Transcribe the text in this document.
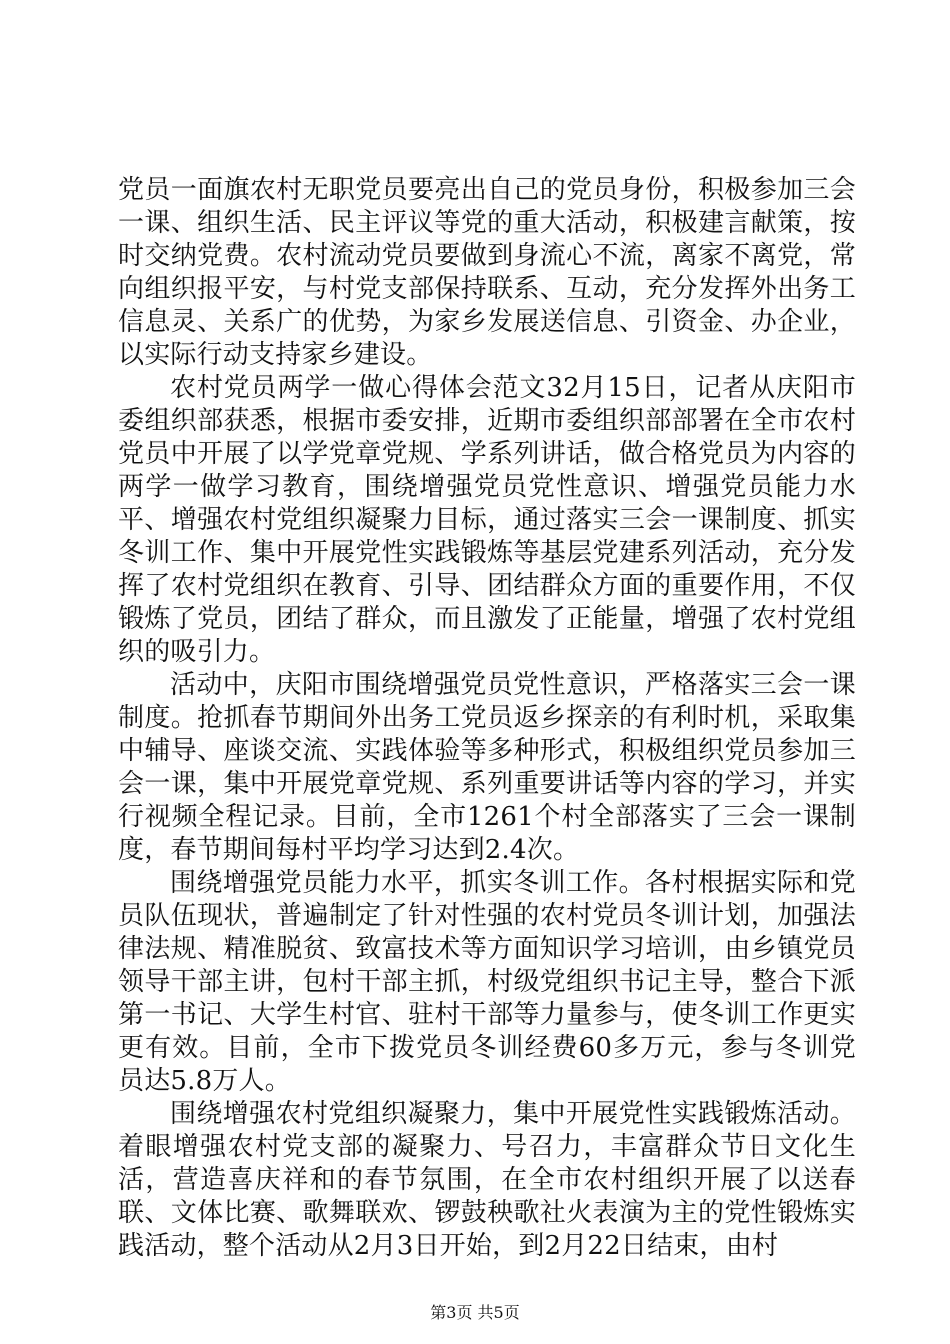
党员一面旗农村无职党员要亮出自己的党员身份，积极参加三会一课、组织生活、民主评议等党的重大活动，积极建言献策，按时交纳党费。农村流动党员要做到身流心不流，离家不离党，常向组织报平安，与村党支部保持联系、互动，充分发挥外出务工信息灵、关系广的优势，为家乡发展送信息、引资金、办企业，以实际行动支持家乡建设。

农村党员两学一做心得体会范文32月15日，记者从庆阳市委组织部获悉，根据市委安排，近期市委组织部部署在全市农村党员中开展了以学党章党规、学系列讲话，做合格党员为内容的两学一做学习教育，围绕增强党员党性意识、增强党员能力水平、增强农村党组织凝聚力目标，通过落实三会一课制度、抓实冬训工作、集中开展党性实践锻炼等基层党建系列活动，充分发挥了农村党组织在教育、引导、团结群众方面的重要作用，不仅锻炼了党员，团结了群众，而且激发了正能量，增强了农村党组织的吸引力。

活动中，庆阳市围绕增强党员党性意识，严格落实三会一课制度。抢抓春节期间外出务工党员返乡探亲的有利时机，采取集中辅导、座谈交流、实践体验等多种形式，积极组织党员参加三会一课，集中开展党章党规、系列重要讲话等内容的学习，并实行视频全程记录。目前，全市1261个村全部落实了三会一课制度，春节期间每村平均学习达到2.4次。

围绕增强党员能力水平，抓实冬训工作。各村根据实际和党员队伍现状，普遍制定了针对性强的农村党员冬训计划，加强法律法规、精准脱贫、致富技术等方面知识学习培训，由乡镇党员领导干部主讲，包村干部主抓，村级党组织书记主导，整合下派第一书记、大学生村官、驻村干部等力量参与，使冬训工作更实更有效。目前，全市下拨党员冬训经费60多万元，参与冬训党员达5.8万人。

围绕增强农村党组织凝聚力，集中开展党性实践锻炼活动。着眼增强农村党支部的凝聚力、号召力，丰富群众节日文化生活，营造喜庆祥和的春节氛围，在全市农村组织开展了以送春联、文体比赛、歌舞联欢、锣鼓秧歌社火表演为主的党性锻炼实践活动，整个活动从2月3日开始，到2月22日结束，由村

第3页 共5页
